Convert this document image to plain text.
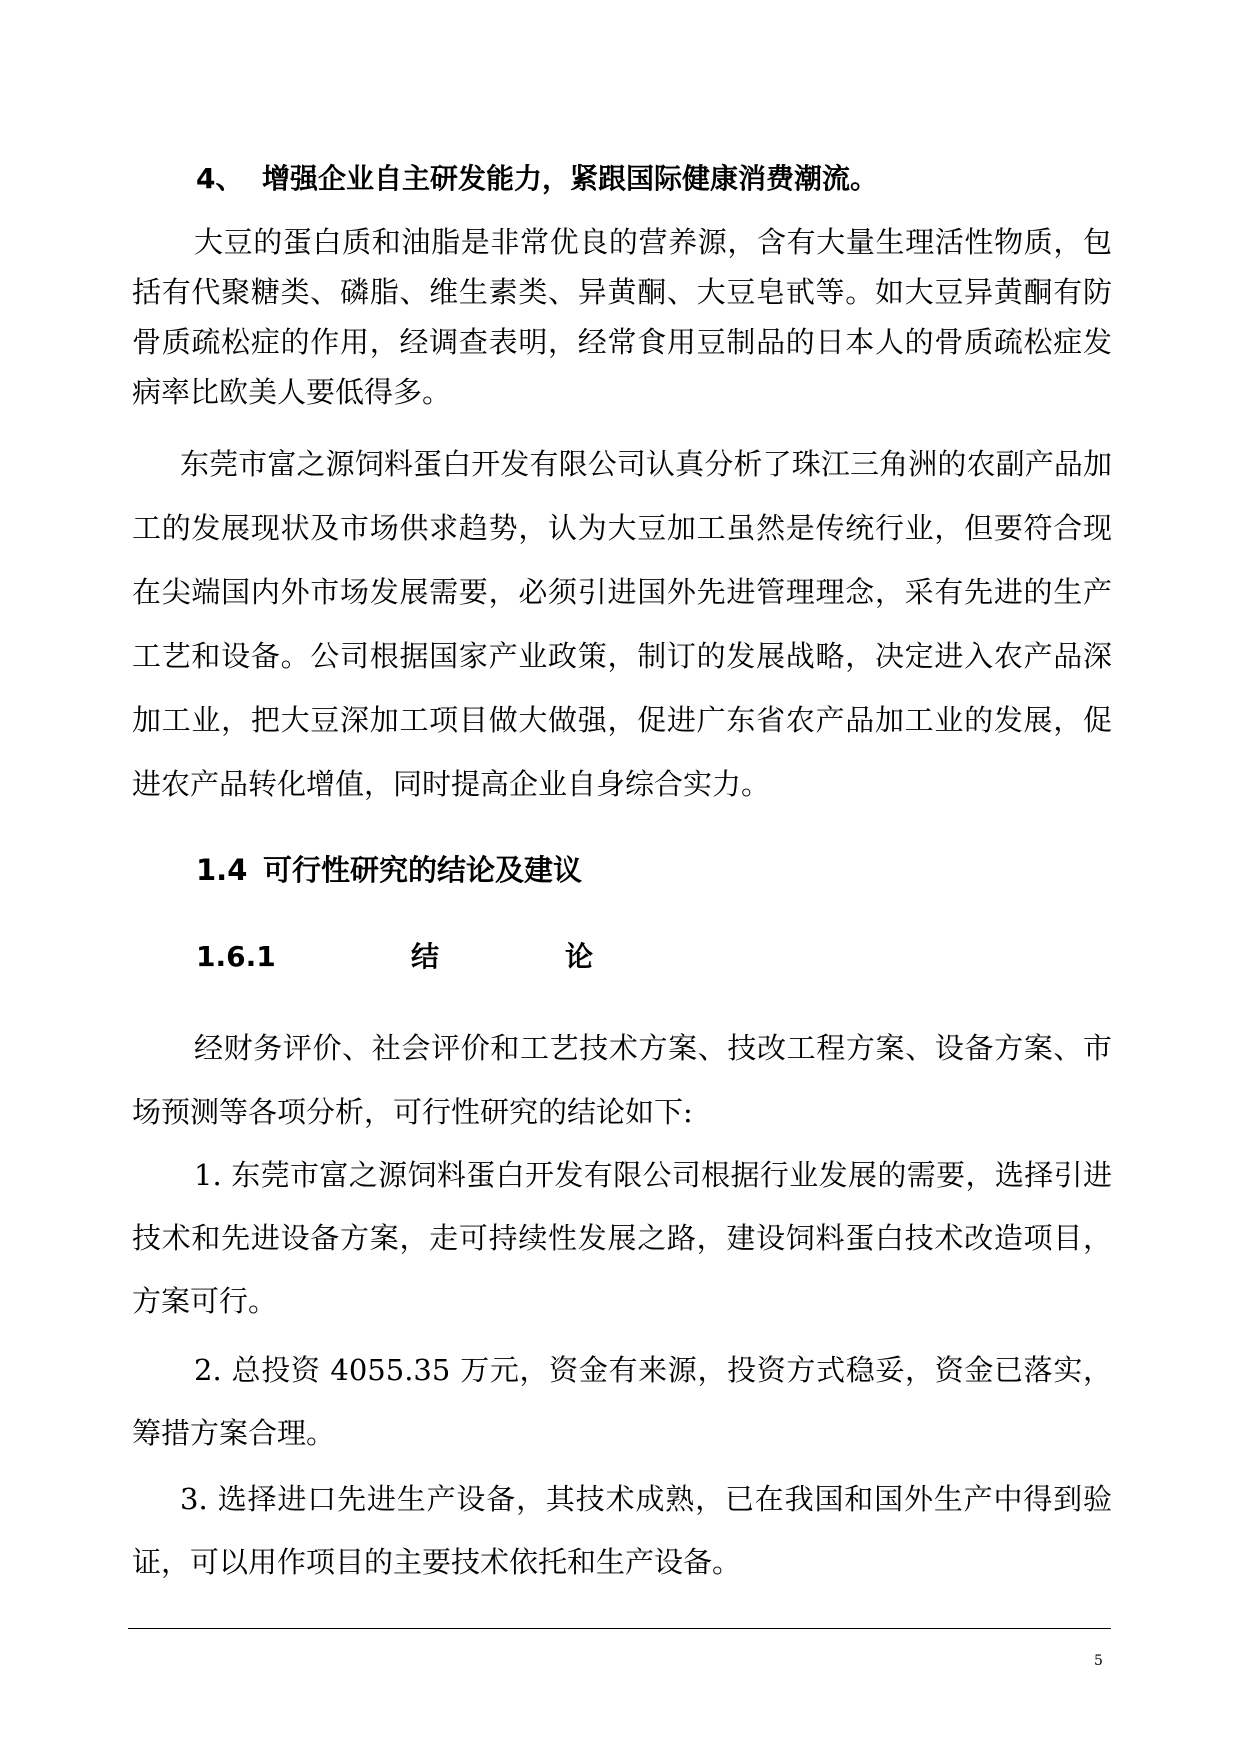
4、 增强企业自主研发能力，紧跟国际健康消费潮流。

大豆的蛋白质和油脂是非常优良的营养源，含有大量生理活性物质，包括有代聚糖类、磷脂、维生素类、异黄酮、大豆皂甙等。如大豆异黄酮有防骨质疏松症的作用，经调查表明，经常食用豆制品的日本人的骨质疏松症发病率比欧美人要低得多。

东莞市富之源饲料蛋白开发有限公司认真分析了珠江三角洲的农副产品加工的发展现状及市场供求趋势，认为大豆加工虽然是传统行业，但要符合现在尖端国内外市场发展需要，必须引进国外先进管理理念，采有先进的生产工艺和设备。公司根据国家产业政策，制订的发展战略，决定进入农产品深加工业，把大豆深加工项目做大做强，促进广东省农产品加工业的发展，促进农产品转化增值，同时提高企业自身综合实力。

1.4 可行性研究的结论及建议
1.6.1	结	论

经财务评价、社会评价和工艺技术方案、技改工程方案、设备方案、市场预测等各项分析，可行性研究的结论如下:

1. 东莞市富之源饲料蛋白开发有限公司根据行业发展的需要，选择引进技术和先进设备方案，走可持续性发展之路，建设饲料蛋白技术改造项目，方案可行。

2. 总投资 4055.35 万元，资金有来源，投资方式稳妥，资金已落实，筹措方案合理。

3. 选择进口先进生产设备，其技术成熟，已在我国和国外生产中得到验证，可以用作项目的主要技术依托和生产设备。

5
